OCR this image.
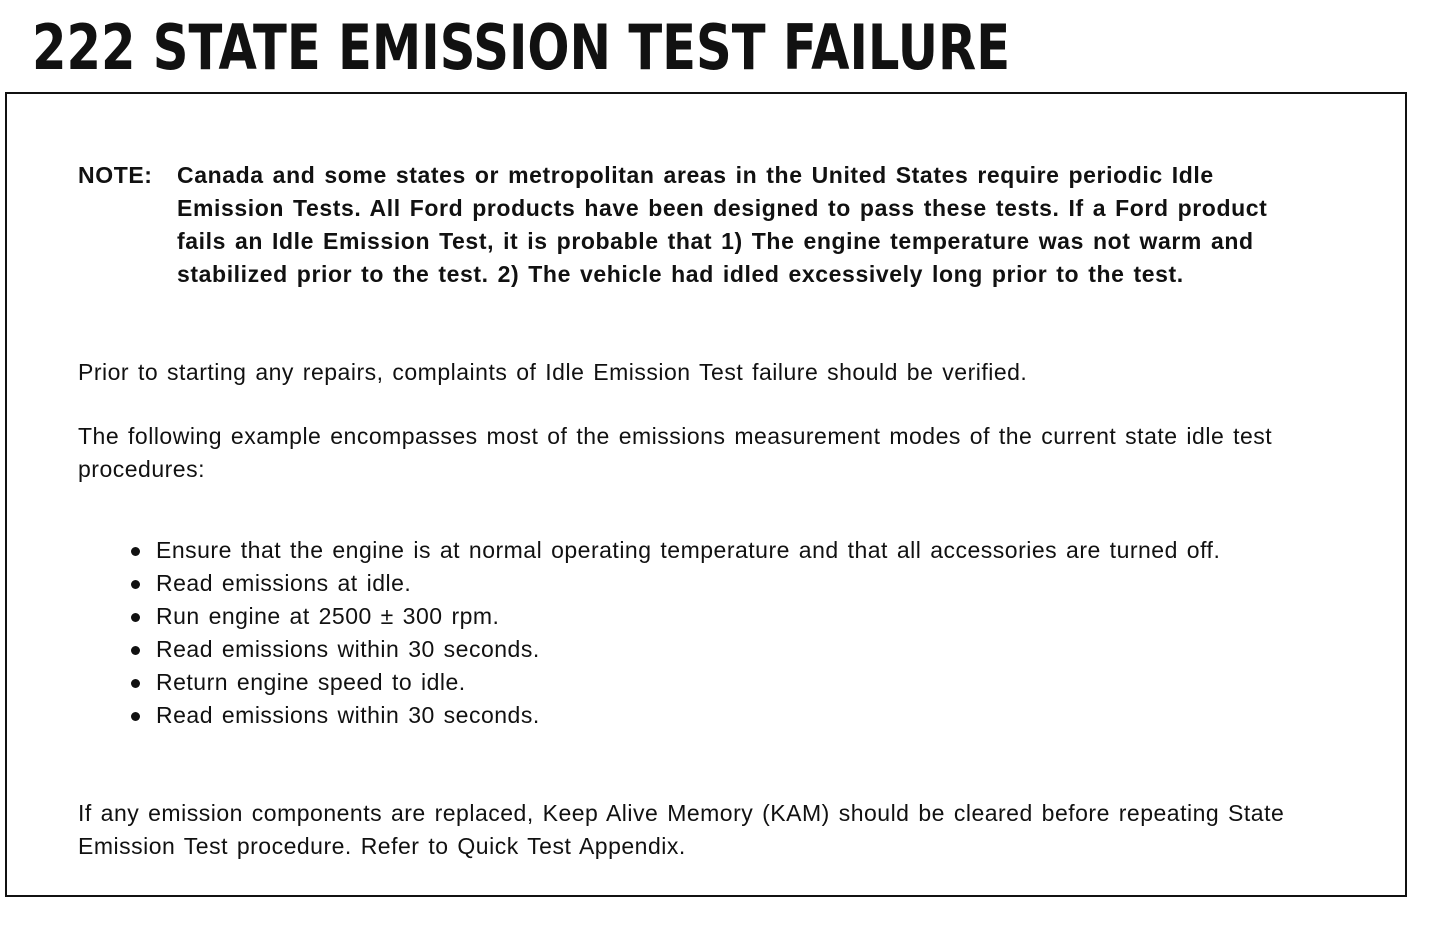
222 STATE EMISSION TEST FAILURE
NOTE: Canada and some states or metropolitan areas in the United States require periodic Idle Emission Tests. All Ford products have been designed to pass these tests. If a Ford product fails an Idle Emission Test, it is probable that 1) The engine temperature was not warm and stabilized prior to the test. 2) The vehicle had idled excessively long prior to the test.
Prior to starting any repairs, complaints of Idle Emission Test failure should be verified.
The following example encompasses most of the emissions measurement modes of the current state idle test procedures:
Ensure that the engine is at normal operating temperature and that all accessories are turned off.
Read emissions at idle.
Run engine at 2500 ± 300 rpm.
Read emissions within 30 seconds.
Return engine speed to idle.
Read emissions within 30 seconds.
If any emission components are replaced, Keep Alive Memory (KAM) should be cleared before repeating State Emission Test procedure. Refer to Quick Test Appendix.
